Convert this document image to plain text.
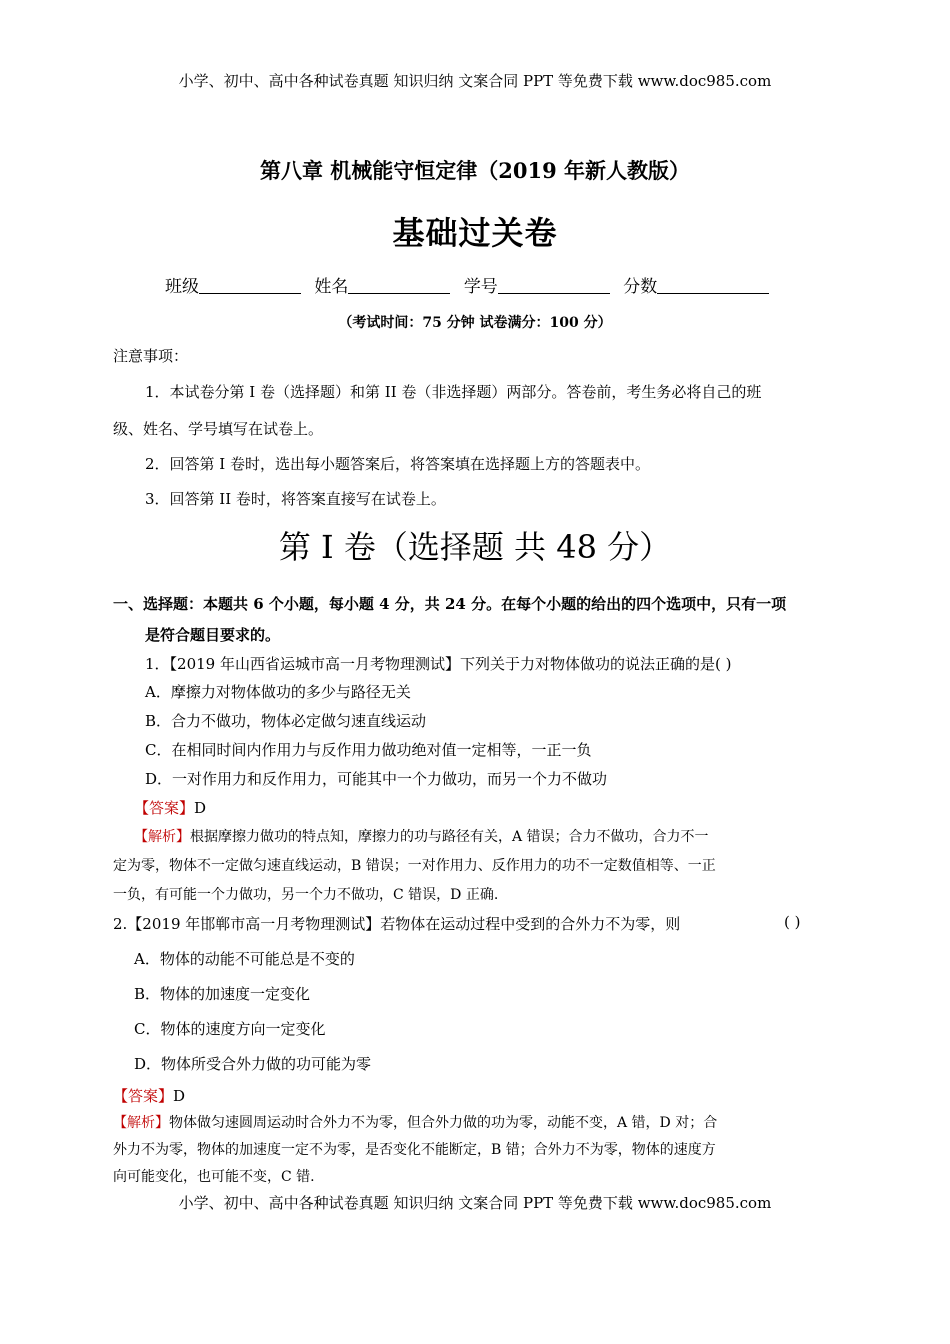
小学、初中、高中各种试卷真题 知识归纳 文案合同 PPT 等免费下载 www.doc985.com
第八章 机械能守恒定律（2019 年新人教版）
基础过关卷
班级	姓名	学号	分数
（考试时间：75 分钟 试卷满分：100 分）
注意事项：
1．本试卷分第 I 卷（选择题）和第 II 卷（非选择题）两部分。答卷前，考生务必将自己的班
级、姓名、学号填写在试卷上。
2．回答第 I 卷时，选出每小题答案后，将答案填在选择题上方的答题表中。
3．回答第 II 卷时，将答案直接写在试卷上。
第 I 卷（选择题 共 48 分）
一、选择题：本题共 6 个小题，每小题 4 分，共 24 分。在每个小题的给出的四个选项中，只有一项
是符合题目要求的。
1．【2019 年山西省运城市高一月考物理测试】下列关于力对物体做功的说法正确的是( )
A．摩擦力对物体做功的多少与路径无关
B．合力不做功，物体必定做匀速直线运动
C．在相同时间内作用力与反作用力做功绝对值一定相等，一正一负
D．一对作用力和反作用力，可能其中一个力做功，而另一个力不做功
【答案】D
【解析】根据摩擦力做功的特点知，摩擦力的功与路径有关，A 错误；合力不做功，合力不一
定为零，物体不一定做匀速直线运动，B 错误；一对作用力、反作用力的功不一定数值相等、一正
一负，有可能一个力做功，另一个力不做功，C 错误，D 正确.
2.【2019 年邯郸市高一月考物理测试】若物体在运动过程中受到的合外力不为零，则	( )
A．物体的动能不可能总是不变的
B．物体的加速度一定变化
C．物体的速度方向一定变化
D．物体所受合外力做的功可能为零
【答案】D
【解析】物体做匀速圆周运动时合外力不为零，但合外力做的功为零，动能不变，A 错，D 对；合
外力不为零，物体的加速度一定不为零，是否变化不能断定，B 错；合外力不为零，物体的速度方
向可能变化，也可能不变，C 错.
小学、初中、高中各种试卷真题 知识归纳 文案合同 PPT 等免费下载 www.doc985.com
